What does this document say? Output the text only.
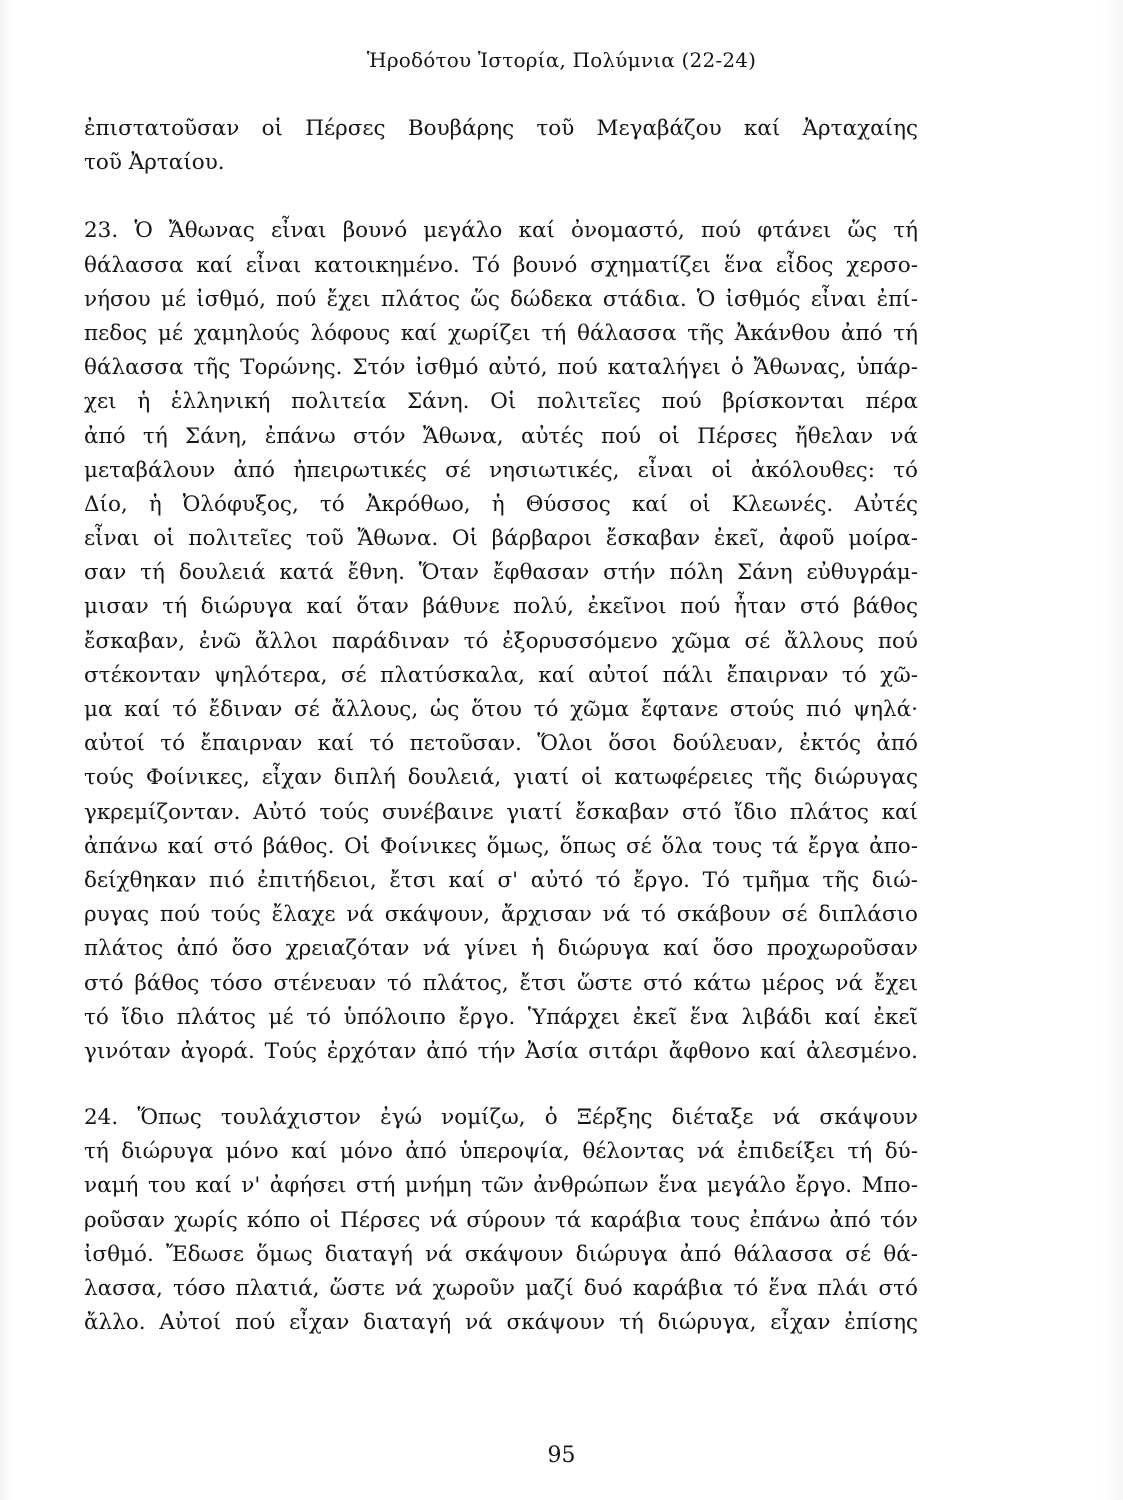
Ἡροδότου Ἱστορία, Πολύμνια (22-24)
ἐπιστατοῦσαν οἱ Πέρσες Βουβάρης τοῦ Μεγαβάζου καί Ἀρταχαίης
τοῦ Ἀρταίου.
23. Ὁ Ἄθωνας εἶναι βουνό μεγάλο καί ὀνομαστό, πού φτάνει ὥς τή
θάλασσα καί εἶναι κατοικημένο. Τό βουνό σχηματίζει ἕνα εἶδος χερσο-
νήσου μέ ἰσθμό, πού ἔχει πλάτος ὥς δώδεκα στάδια. Ὁ ἰσθμός εἶναι ἐπί-
πεδος μέ χαμηλούς λόφους καί χωρίζει τή θάλασσα τῆς Ἀκάνθου ἀπό τή
θάλασσα τῆς Τορώνης. Στόν ἰσθμό αὐτό, πού καταλήγει ὁ Ἄθωνας, ὑπάρ-
χει ἡ ἑλληνική πολιτεία Σάνη. Οἱ πολιτεῖες πού βρίσκονται πέρα
ἀπό τή Σάνη, ἐπάνω στόν Ἄθωνα, αὐτές πού οἱ Πέρσες ἤθελαν νά
μεταβάλουν ἀπό ἠπειρωτικές σέ νησιωτικές, εἶναι οἱ ἀκόλουθες: τό
Δίο, ἡ Ὀλόφυξος, τό Ἀκρόθωο, ἡ Θύσσος καί οἱ Κλεωνές. Αὐτές
εἶναι οἱ πολιτεῖες τοῦ Ἄθωνα. Οἱ βάρβαροι ἔσκαβαν ἐκεῖ, ἀφοῦ μοίρα-
σαν τή δουλειά κατά ἔθνη. Ὅταν ἔφθασαν στήν πόλη Σάνη εὐθυγράμ-
μισαν τή διώρυγα καί ὅταν βάθυνε πολύ, ἐκεῖνοι πού ἦταν στό βάθος
ἔσκαβαν, ἐνῶ ἄλλοι παράδιναν τό ἐξορυσσόμενο χῶμα σέ ἄλλους πού
στέκονταν ψηλότερα, σέ πλατύσκαλα, καί αὐτοί πάλι ἔπαιρναν τό χῶ-
μα καί τό ἔδιναν σέ ἄλλους, ὡς ὅτου τό χῶμα ἔφτανε στούς πιό ψηλά·
αὐτοί τό ἔπαιρναν καί τό πετοῦσαν. Ὅλοι ὅσοι δούλευαν, ἐκτός ἀπό
τούς Φοίνικες, εἶχαν διπλή δουλειά, γιατί οἱ κατωφέρειες τῆς διώρυγας
γκρεμίζονταν. Αὐτό τούς συνέβαινε γιατί ἔσκαβαν στό ἴδιο πλάτος καί
ἀπάνω καί στό βάθος. Οἱ Φοίνικες ὅμως, ὅπως σέ ὅλα τους τά ἔργα ἀπο-
δείχθηκαν πιό ἐπιτήδειοι, ἔτσι καί σ' αὐτό τό ἔργο. Τό τμῆμα τῆς διώ-
ρυγας πού τούς ἔλαχε νά σκάψουν, ἄρχισαν νά τό σκάβουν σέ διπλάσιο
πλάτος ἀπό ὅσο χρειαζόταν νά γίνει ἡ διώρυγα καί ὅσο προχωροῦσαν
στό βάθος τόσο στένευαν τό πλάτος, ἔτσι ὥστε στό κάτω μέρος νά ἔχει
τό ἴδιο πλάτος μέ τό ὑπόλοιπο ἔργο. Ὑπάρχει ἐκεῖ ἕνα λιβάδι καί ἐκεῖ
γινόταν ἀγορά. Τούς ἐρχόταν ἀπό τήν Ἀσία σιτάρι ἄφθονο καί ἀλεσμένο.
24. Ὅπως τουλάχιστον ἐγώ νομίζω, ὁ Ξέρξης διέταξε νά σκάψουν
τή διώρυγα μόνο καί μόνο ἀπό ὑπεροψία, θέλοντας νά ἐπιδείξει τή δύ-
ναμή του καί ν' ἀφήσει στή μνήμη τῶν ἀνθρώπων ἕνα μεγάλο ἔργο. Μπο-
ροῦσαν χωρίς κόπο οἱ Πέρσες νά σύρουν τά καράβια τους ἐπάνω ἀπό τόν
ἰσθμό. Ἔδωσε ὅμως διαταγή νά σκάψουν διώρυγα ἀπό θάλασσα σέ θά-
λασσα, τόσο πλατιά, ὥστε νά χωροῦν μαζί δυό καράβια τό ἕνα πλάι στό
ἄλλο. Αὐτοί πού εἶχαν διαταγή νά σκάψουν τή διώρυγα, εἶχαν ἐπίσης
95
